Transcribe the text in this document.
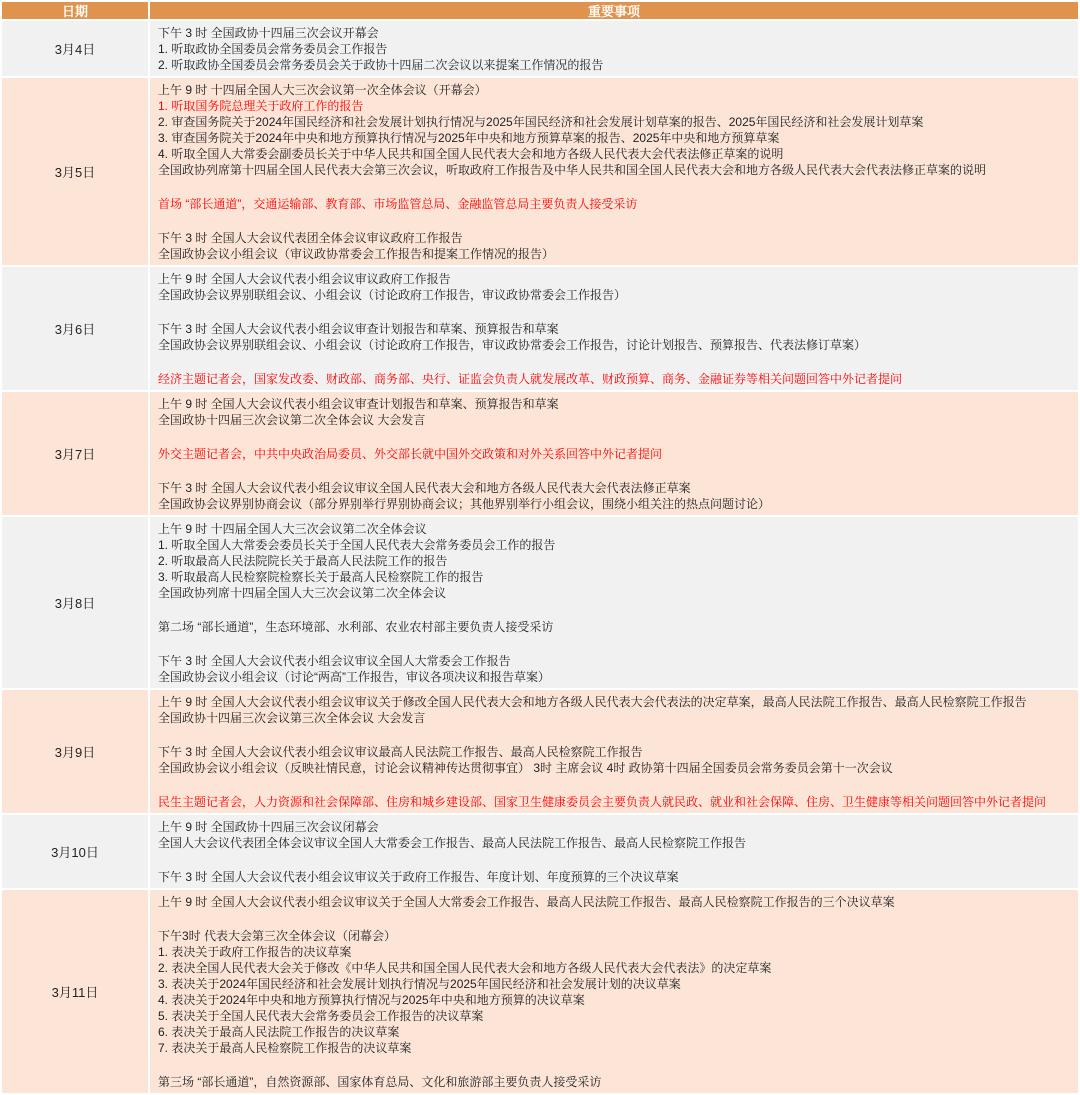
日期	重要事项
3月4日
下午 3 时 全国政协十四届三次会议开幕会
1. 听取政协全国委员会常务委员会工作报告
2. 听取政协全国委员会常务委员会关于政协十四届二次会议以来提案工作情况的报告
3月5日
上午 9 时 十四届全国人大三次会议第一次全体会议（开幕会）
1. 听取国务院总理关于政府工作的报告
2. 审查国务院关于2024年国民经济和社会发展计划执行情况与2025年国民经济和社会发展计划草案的报告、2025年国民经济和社会发展计划草案
3. 审查国务院关于2024年中央和地方预算执行情况与2025年中央和地方预算草案的报告、2025年中央和地方预算草案
4. 听取全国人大常委会副委员长关于中华人民共和国全国人民代表大会和地方各级人民代表大会代表法修正草案的说明
全国政协列席第十四届全国人民代表大会第三次会议，听取政府工作报告及中华人民共和国全国人民代表大会和地方各级人民代表大会代表法修正草案的说明
首场 “部长通道”，交通运输部、教育部、市场监管总局、金融监管总局主要负责人接受采访
下午 3 时 全国人大会议代表团全体会议审议政府工作报告
全国政协会议小组会议（审议政协常委会工作报告和提案工作情况的报告）
3月6日
上午 9 时 全国人大会议代表小组会议审议政府工作报告
全国政协会议界别联组会议、小组会议（讨论政府工作报告，审议政协常委会工作报告）
下午 3 时 全国人大会议代表小组会议审查计划报告和草案、预算报告和草案
全国政协会议界别联组会议、小组会议（讨论政府工作报告，审议政协常委会工作报告，讨论计划报告、预算报告、代表法修订草案）
经济主题记者会，国家发改委、财政部、商务部、央行、证监会负责人就发展改革、财政预算、商务、金融证券等相关问题回答中外记者提问
3月7日
上午 9 时 全国人大会议代表小组会议审查计划报告和草案、预算报告和草案
全国政协十四届三次会议第二次全体会议 大会发言
外交主题记者会，中共中央政治局委员、外交部长就中国外交政策和对外关系回答中外记者提问
下午 3 时 全国人大会议代表小组会议审议全国人民代表大会和地方各级人民代表大会代表法修正草案
全国政协会议界别协商会议（部分界别举行界别协商会议；其他界别举行小组会议，围绕小组关注的热点问题讨论）
3月8日
上午 9 时 十四届全国人大三次会议第二次全体会议
1. 听取全国人大常委会委员长关于全国人民代表大会常务委员会工作的报告
2. 听取最高人民法院院长关于最高人民法院工作的报告
3. 听取最高人民检察院检察长关于最高人民检察院工作的报告
全国政协列席十四届全国人大三次会议第二次全体会议
第二场 “部长通道”，生态环境部、水利部、农业农村部主要负责人接受采访
下午 3 时 全国人大会议代表小组会议审议全国人大常委会工作报告
全国政协会议小组会议（讨论“两高”工作报告，审议各项决议和报告草案）
3月9日
上午 9 时 全国人大会议代表小组会议审议关于修改全国人民代表大会和地方各级人民代表大会代表法的决定草案，最高人民法院工作报告、最高人民检察院工作报告
全国政协十四届三次会议第三次全体会议 大会发言
下午 3 时 全国人大会议代表小组会议审议最高人民法院工作报告、最高人民检察院工作报告
全国政协会议小组会议（反映社情民意，讨论会议精神传达贯彻事宜） 3时 主席会议 4时 政协第十四届全国委员会常务委员会第十一次会议
民生主题记者会，人力资源和社会保障部、住房和城乡建设部、国家卫生健康委员会主要负责人就民政、就业和社会保障、住房、卫生健康等相关问题回答中外记者提问
3月10日
上午 9 时 全国政协十四届三次会议闭幕会
全国人大会议代表团全体会议审议全国人大常委会工作报告、最高人民法院工作报告、最高人民检察院工作报告
下午 3 时 全国人大会议代表小组会议审议关于政府工作报告、年度计划、年度预算的三个决议草案
3月11日
上午 9 时 全国人大会议代表小组会议审议关于全国人大常委会工作报告、最高人民法院工作报告、最高人民检察院工作报告的三个决议草案
下午3时 代表大会第三次全体会议（闭幕会）
1. 表决关于政府工作报告的决议草案
2. 表决全国人民代表大会关于修改《中华人民共和国全国人民代表大会和地方各级人民代表大会代表法》的决定草案
3. 表决关于2024年国民经济和社会发展计划执行情况与2025年国民经济和社会发展计划的决议草案
4. 表决关于2024年中央和地方预算执行情况与2025年中央和地方预算的决议草案
5. 表决关于全国人民代表大会常务委员会工作报告的决议草案
6. 表决关于最高人民法院工作报告的决议草案
7. 表决关于最高人民检察院工作报告的决议草案
第三场 “部长通道”，自然资源部、国家体育总局、文化和旅游部主要负责人接受采访
